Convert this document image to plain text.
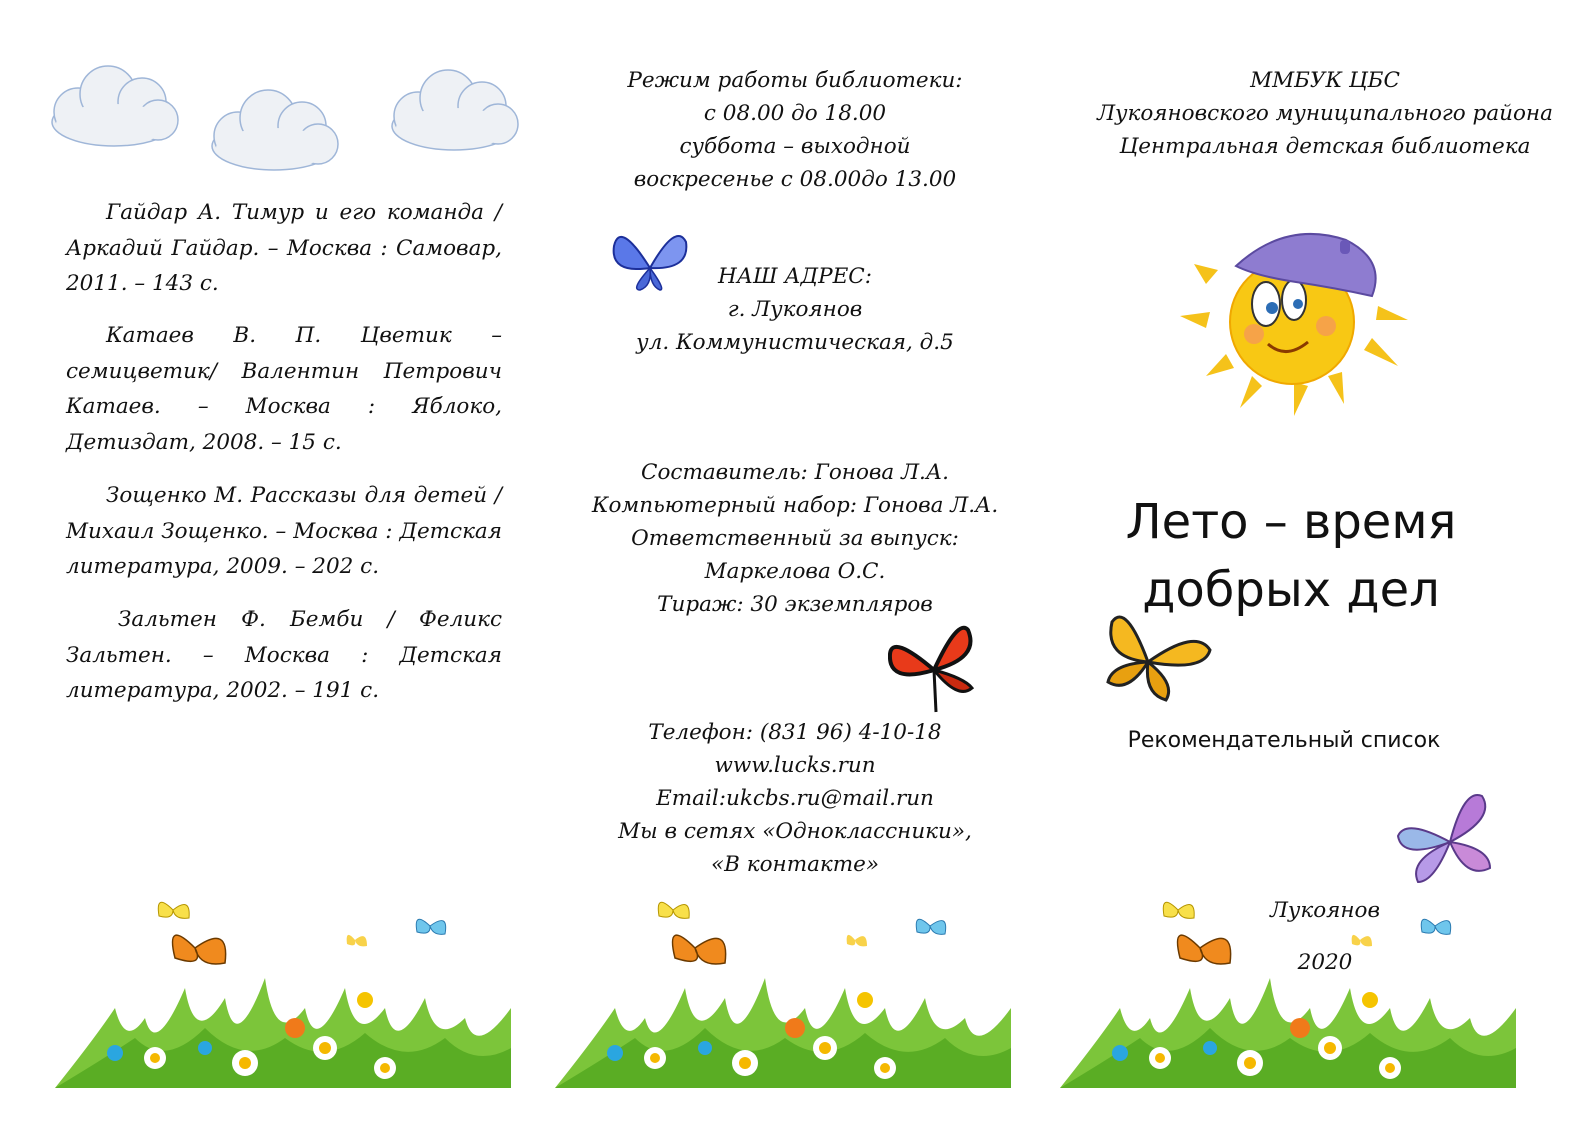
Гайдар А. Тимур и его команда / Аркадий Гайдар. – Москва : Самовар, 2011. – 143 с.

Катаев В. П. Цветик – семицветик/ Валентин Петрович Катаев. – Москва : Яблоко, Детиздат, 2008. – 15 с.

Зощенко М. Рассказы для детей / Михаил Зощенко. – Москва : Детская литература, 2009. – 202 с.

Зальтен Ф. Бемби / Феликс Зальтен. – Москва : Детская литература, 2002. – 191 с.

Режим работы библиотеки:
с 08.00 до 18.00
суббота – выходной
воскресенье с 08.00до 13.00
НАШ АДРЕС:
г. Лукоянов
ул. Коммунистическая, д.5
Составитель: Гонова Л.А.
Компьютерный набор: Гонова Л.А.
Ответственный за выпуск:
Маркелова О.С.
Тираж: 30 экземпляров
Телефон: (831 96) 4-10-18
www.lucks.run
Email:ukcbs.ru@mail.run
Мы в сетях «Одноклассники»,
«В контакте»
ММБУК ЦБС
Лукояновского муниципального района
Центральная детская библиотека
Лето – время
добрых дел
Рекомендательный список
Лукоянов
2020
